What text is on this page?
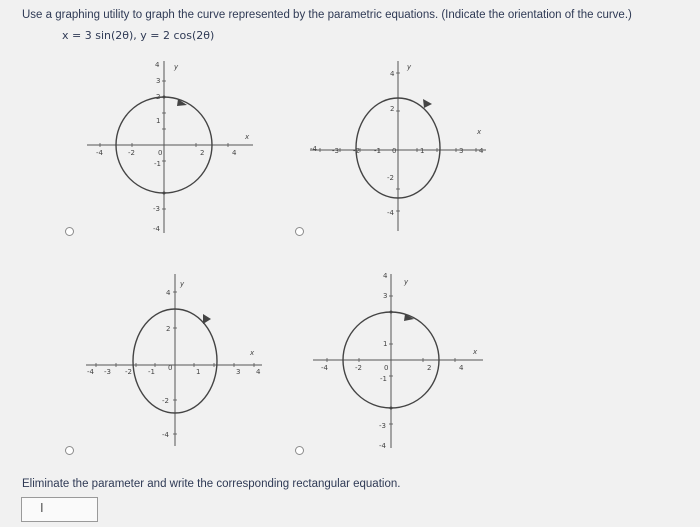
Use a graphing utility to graph the curve represented by the parametric equations. (Indicate the orientation of the curve.)
x = 3 sin(2θ), y = 2 cos(2θ)
-4	-2	0	2	4
4
3
2
1
-1
-3
-4
x
y
-4 -3 -2 -1 0	1	3 4
4
2
-2
-4
x
y
-4 -3 -2 -1 0	1	3 4
4
2
-2
-4
x
y
-4	-2	0	2	4
4
3
1
-1
-3
-4
x
y
Eliminate the parameter and write the corresponding rectangular equation.
I
